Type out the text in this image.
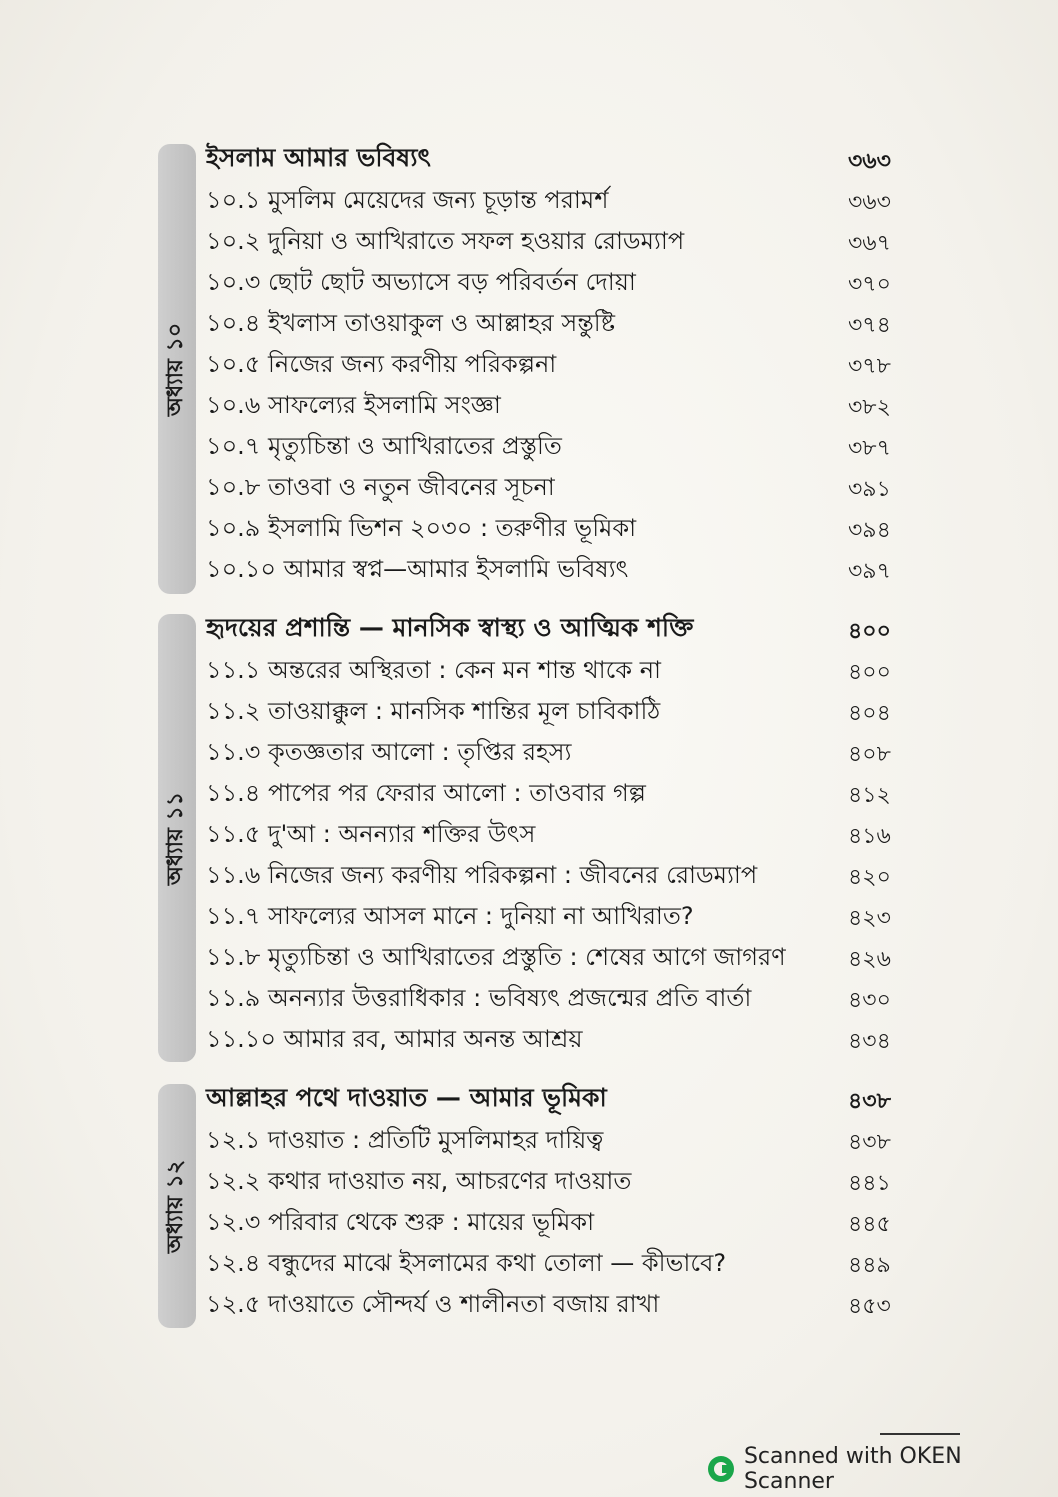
অধ্যায় ১০
ইসলাম আমার ভবিষ্যৎ	৩৬৩
১০.১ মুসলিম মেয়েদের জন্য চূড়ান্ত পরামর্শ	৩৬৩
১০.২ দুনিয়া ও আখিরাতে সফল হওয়ার রোডম্যাপ	৩৬৭
১০.৩ ছোট ছোট অভ্যাসে বড় পরিবর্তন দোয়া	৩৭০
১০.৪ ইখলাস তাওয়াকুল ও আল্লাহর সন্তুষ্টি	৩৭৪
১০.৫ নিজের জন্য করণীয় পরিকল্পনা	৩৭৮
১০.৬ সাফল্যের ইসলামি সংজ্ঞা	৩৮২
১০.৭ মৃত্যুচিন্তা ও আখিরাতের প্রস্তুতি	৩৮৭
১০.৮ তাওবা ও নতুন জীবনের সূচনা	৩৯১
১০.৯ ইসলামি ভিশন ২০৩০ : তরুণীর ভূমিকা	৩৯৪
১০.১০ আমার স্বপ্ন—আমার ইসলামি ভবিষ্যৎ	৩৯৭
অধ্যায় ১১
হৃদয়ের প্রশান্তি — মানসিক স্বাস্থ্য ও আত্মিক শক্তি	৪০০
১১.১ অন্তরের অস্থিরতা : কেন মন শান্ত থাকে না	৪০০
১১.২ তাওয়াক্কুল : মানসিক শান্তির মূল চাবিকাঠি	৪০৪
১১.৩ কৃতজ্ঞতার আলো : তৃপ্তির রহস্য	৪০৮
১১.৪ পাপের পর ফেরার আলো : তাওবার গল্প	৪১২
১১.৫ দু'আ : অনন্যার শক্তির উৎস	৪১৬
১১.৬ নিজের জন্য করণীয় পরিকল্পনা : জীবনের রোডম্যাপ	৪২০
১১.৭ সাফল্যের আসল মানে : দুনিয়া না আখিরাত?	৪২৩
১১.৮ মৃত্যুচিন্তা ও আখিরাতের প্রস্তুতি : শেষের আগে জাগরণ	৪২৬
১১.৯ অনন্যার উত্তরাধিকার : ভবিষ্যৎ প্রজন্মের প্রতি বার্তা	৪৩০
১১.১০ আমার রব, আমার অনন্ত আশ্রয়	৪৩৪
অধ্যায় ১২
আল্লাহর পথে দাওয়াত — আমার ভূমিকা	৪৩৮
১২.১ দাওয়াত : প্রতিটি মুসলিমাহর দায়িত্ব	৪৩৮
১২.২ কথার দাওয়াত নয়, আচরণের দাওয়াত	৪৪১
১২.৩ পরিবার থেকে শুরু : মায়ের ভূমিকা	৪৪৫
১২.৪ বন্ধুদের মাঝে ইসলামের কথা তোলা — কীভাবে?	৪৪৯
১২.৫ দাওয়াতে সৌন্দর্য ও শালীনতা বজায় রাখা	৪৫৩
Scanned with OKEN Scanner
